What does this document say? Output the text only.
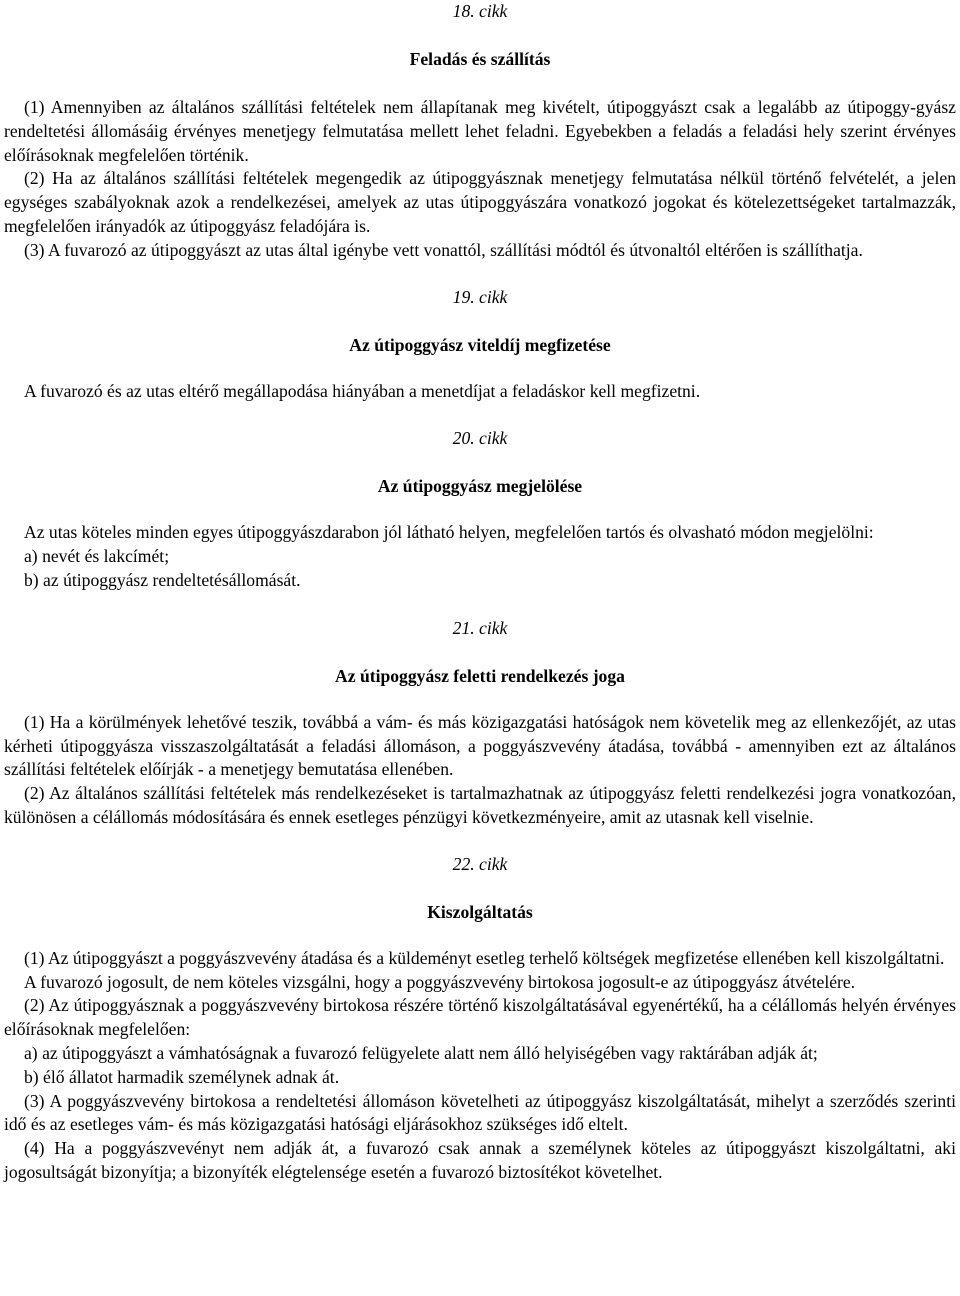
18. cikk

Feladás és szállítás

(1) Amennyiben az általános szállítási feltételek nem állapítanak meg kivételt, útipoggyászt csak a legalább az útipoggy-gyász rendeltetési állomásáig érvényes menetjegy felmutatása mellett lehet feladni. Egyebekben a feladás a feladási hely szerint érvényes előírásoknak megfelelően történik.

(2) Ha az általános szállítási feltételek megengedik az útipoggyásznak menetjegy felmutatása nélkül történő felvételét, a jelen egységes szabályoknak azok a rendelkezései, amelyek az utas útipoggyászára vonatkozó jogokat és kötelezettségeket tartalmazzák, megfelelően irányadók az útipoggyász feladójára is.

(3) A fuvarozó az útipoggyászt az utas által igénybe vett vonattól, szállítási módtól és útvonaltól eltérően is szállíthatja.

19. cikk

Az útipoggyász viteldíj megfizetése

A fuvarozó és az utas eltérő megállapodása hiányában a menetdíjat a feladáskor kell megfizetni.

20. cikk

Az útipoggyász megjelölése

Az utas köteles minden egyes útipoggyászdarabon jól látható helyen, megfelelően tartós és olvasható módon megjelölni:

a) nevét és lakcímét;

b) az útipoggyász rendeltetésállomását.

21. cikk

Az útipoggyász feletti rendelkezés joga

(1) Ha a körülmények lehetővé teszik, továbbá a vám- és más közigazgatási hatóságok nem követelik meg az ellenkezőjét, az utas kérheti útipoggyásza visszaszolgáltatását a feladási állomáson, a poggyászvevény átadása, továbbá - amennyiben ezt az általános szállítási feltételek előírják - a menetjegy bemutatása ellenében.

(2) Az általános szállítási feltételek más rendelkezéseket is tartalmazhatnak az útipoggyász feletti rendelkezési jogra vonatkozóan, különösen a célállomás módosítására és ennek esetleges pénzügyi következményeire, amit az utasnak kell viselnie.

22. cikk

Kiszolgáltatás

(1) Az útipoggyászt a poggyászvevény átadása és a küldeményt esetleg terhelő költségek megfizetése ellenében kell kiszolgáltatni.

A fuvarozó jogosult, de nem köteles vizsgálni, hogy a poggyászvevény birtokosa jogosult-e az útipoggyász átvételére.

(2) Az útipoggyásznak a poggyászvevény birtokosa részére történő kiszolgáltatásával egyenértékű, ha a célállomás helyén érvényes előírásoknak megfelelően:

a) az útipoggyászt a vámhatóságnak a fuvarozó felügyelete alatt nem álló helyiségében vagy raktárában adják át;

b) élő állatot harmadik személynek adnak át.

(3) A poggyászvevény birtokosa a rendeltetési állomáson követelheti az útipoggyász kiszolgáltatását, mihelyt a szerződés szerinti idő és az esetleges vám- és más közigazgatási hatósági eljárásokhoz szükséges idő eltelt.

(4) Ha a poggyászvevényt nem adják át, a fuvarozó csak annak a személynek köteles az útipoggyászt kiszolgáltatni, aki jogosultságát bizonyítja; a bizonyíték elégtelensége esetén a fuvarozó biztosítékot követelhet.
